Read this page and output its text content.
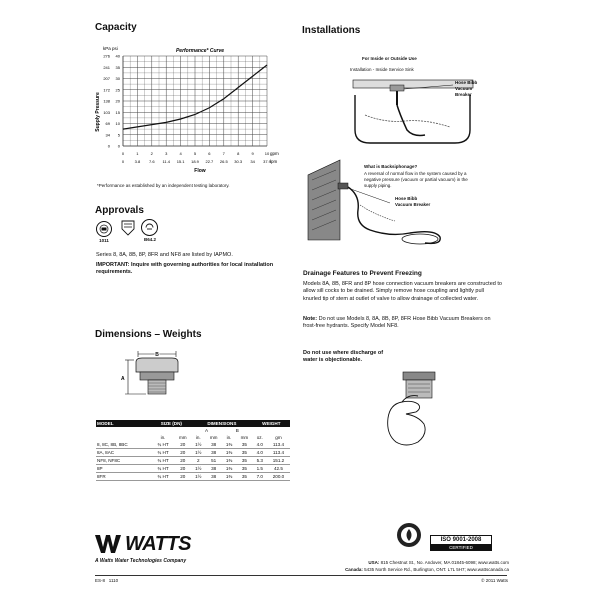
Capacity
Performance* Curve
kPa psi
Supply Pressure
gpm
lpm
Flow
0	1	2	3	4	5	6	7	8	9	10
0	3.8 7.6 11.4 15.1 18.9 22.7 26.5 30.3 34 37.9
0
5
10
15
20
25
30
35
40
0
34
69
103
138
172
207
241
276
*Performance as established by an independent testing laboratory.
Approvals
1011	B64.2
Series 8, 8A, 8B, 8P, 8FR and NF8 are listed by IAPMO.
IMPORTANT: Inquire with governing authorities for local installation requirements.
Dimensions – Weights
B
A
MODEL	SIZE (DN)		DIMENSIONS				WEIGHT	
			A		B			
	in.	mm	in.	mm	in.	mm	oz.	gm
8, 8C, 8B, 8BC	¾ HT	20	1½	38	1⅜	35	4.0	113.4
8A, 8AC	¾ HT	20	1½	38	1⅜	35	4.0	113.4
NF8, NF8C	¾ HT	20	2	51	1⅜	35	5.3	151.2
8P	¾ HT	20	1½	38	1⅜	35	1.5	42.5
8FR	¾ HT	20	1½	38	1⅜	35	7.0	200.0
Installations
For Inside or Outside Use
Installation - Inside Service Sink
Hose Bibb
Vacuum
Breaker
What is Backsiphonage?
A reversal of normal flow in the system caused by a negative pressure (vacuum or partial vacuum) in the supply piping.
Hose Bibb
Vacuum Breaker
Drainage Features to Prevent Freezing
Models 8A, 8B, 8FR and 8P hose connection vacuum breakers are constructed to allow sill cocks to be drained. Simply remove hose coupling and lightly pull knurled tip of stem at outlet of valve to allow drainage of collected water.
Note: Do not use Models 8, 8A, 8B, 8P, 8FR Hose Bibb Vacuum Breakers on frost-free hydrants. Specify Model NF8.
Do not use where discharge of water is objectionable.
WATTS
A Watts Water Technologies Company
ISO 9001-2008
CERTIFIED
USA: 815 Chestnut St., No. Andover, MA 01845-6098; www.watts.com
Canada: 5435 North Service Rd., Burlington, ONT. L7L 5H7; www.wattscanada.ca
ES-8 1110	© 2011 Watts
